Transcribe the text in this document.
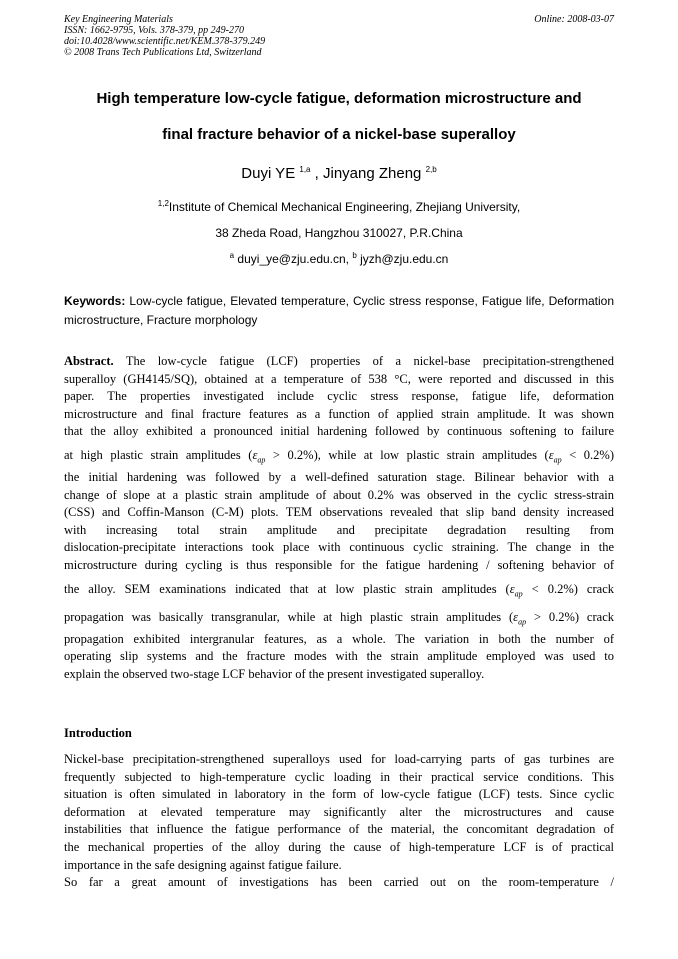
Key Engineering Materials
ISSN: 1662-9795, Vols. 378-379, pp 249-270
doi:10.4028/www.scientific.net/KEM.378-379.249
© 2008 Trans Tech Publications Ltd, Switzerland
Online: 2008-03-07
High temperature low-cycle fatigue, deformation microstructure and
final fracture behavior of a nickel-base superalloy
Duyi YE $^{1,a}$ , Jinyang Zheng $^{2,b}$
$^{1,2}$Institute of Chemical Mechanical Engineering, Zhejiang University,
38 Zheda Road, Hangzhou 310027, P.R.China
$^a$ duyi_ye@zju.edu.cn, $^b$ jyzh@zju.edu.cn
Keywords: Low-cycle fatigue, Elevated temperature, Cyclic stress response, Fatigue life, Deformation microstructure, Fracture morphology
Abstract. The low-cycle fatigue (LCF) properties of a nickel-base precipitation-strengthened
superalloy (GH4145/SQ), obtained at a temperature of 538 °C, were reported and discussed in this
paper. The properties investigated include cyclic stress response, fatigue life, deformation
microstructure and final fracture features as a function of applied strain amplitude. It was shown
that the alloy exhibited a pronounced initial hardening followed by continuous softening to failure
at high plastic strain amplitudes $(\varepsilon_{ap} > 0.2\%)$, while at low plastic strain amplitudes $(\varepsilon_{ap} < 0.2\%)$
the initial hardening was followed by a well-defined saturation stage. Bilinear behavior with a
change of slope at a plastic strain amplitude of about 0.2% was observed in the cyclic stress-strain
(CSS) and Coffin-Manson (C-M) plots. TEM observations revealed that slip band density increased
with increasing total strain amplitude and precipitate degradation resulting from
dislocation-precipitate interactions took place with continuous cyclic straining. The change in the
microstructure during cycling is thus responsible for the fatigue hardening / softening behavior of
the alloy. SEM examinations indicated that at low plastic strain amplitudes $(\varepsilon_{ap} < 0.2\%)$ crack
propagation was basically transgranular, while at high plastic strain amplitudes $(\varepsilon_{ap} > 0.2\%)$ crack
propagation exhibited intergranular features, as a whole. The variation in both the number of
operating slip systems and the fracture modes with the strain amplitude employed was used to
explain the observed two-stage LCF behavior of the present investigated superalloy.
Introduction
Nickel-base precipitation-strengthened superalloys used for load-carrying parts of gas turbines are
frequently subjected to high-temperature cyclic loading in their practical service conditions. This
situation is often simulated in laboratory in the form of low-cycle fatigue (LCF) tests. Since cyclic
deformation at elevated temperature may significantly alter the microstructures and cause
instabilities that influence the fatigue performance of the material, the concomitant degradation of
the mechanical properties of the alloy during the cause of high-temperature LCF is of practical
importance in the safe designing against fatigue failure.
So far a great amount of investigations has been carried out on the room-temperature /
